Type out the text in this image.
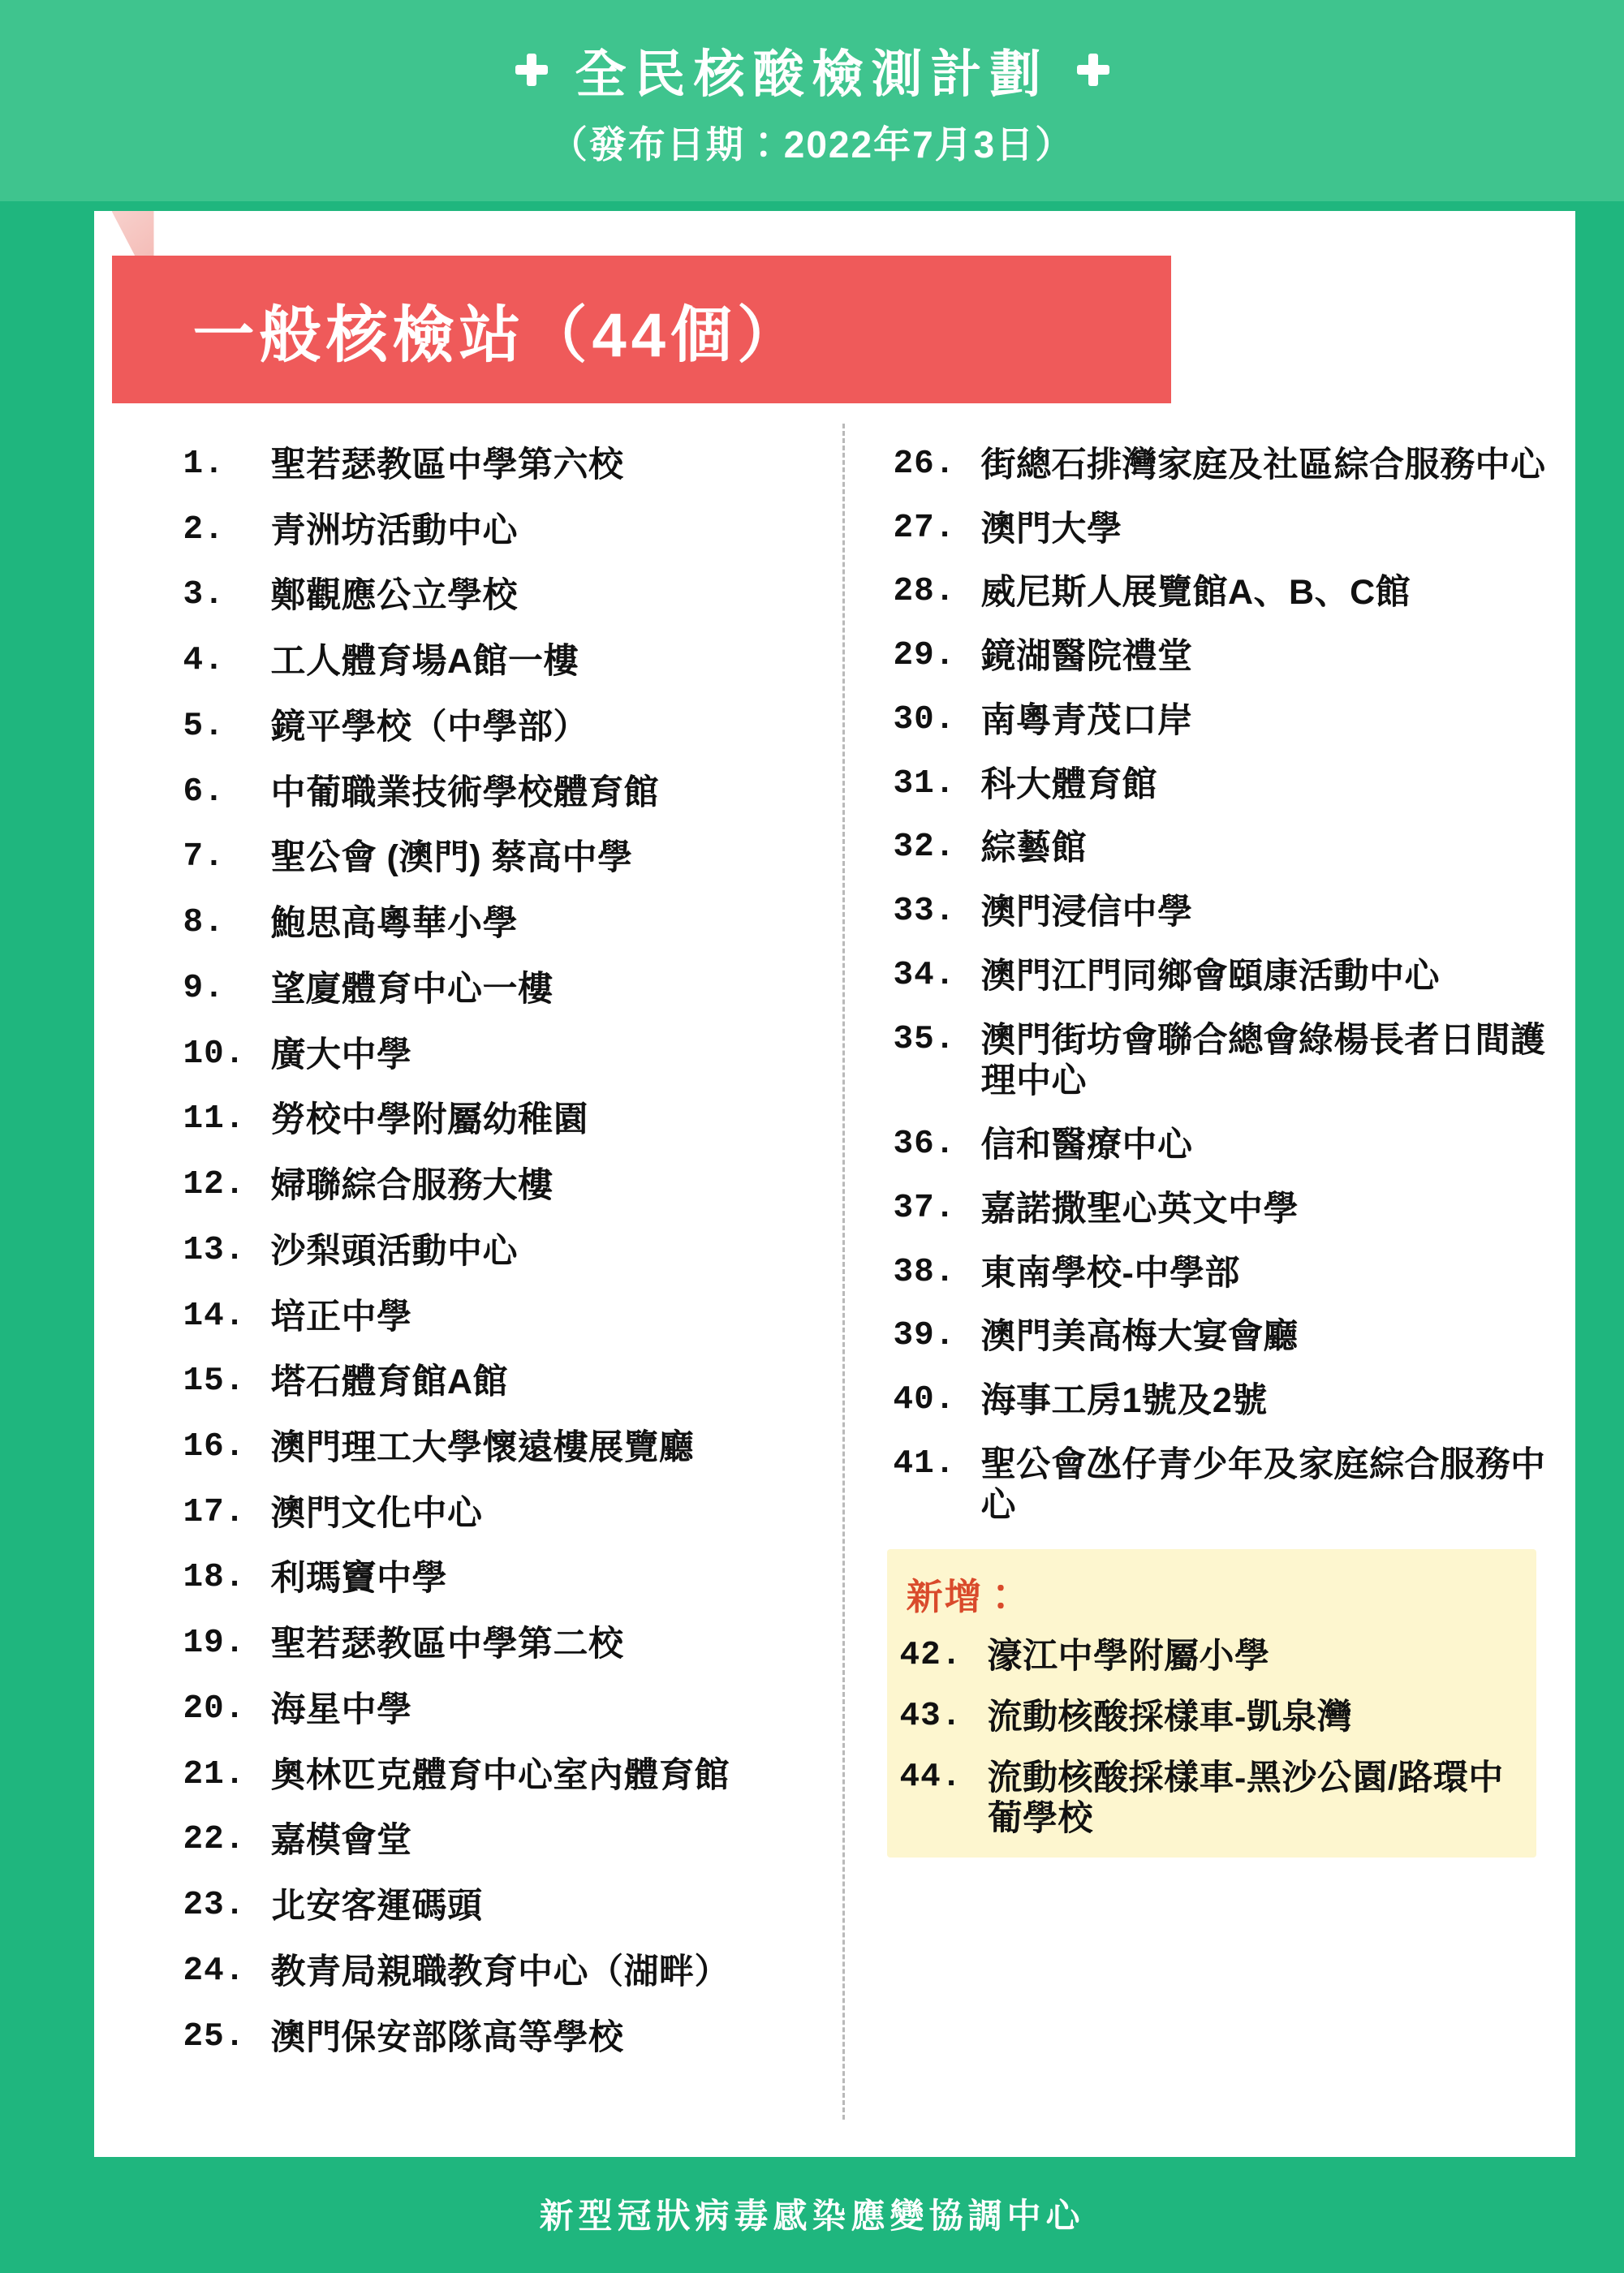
全民核酸檢測計劃
（發布日期：2022年7月3日）
一般核檢站（44個）
1.	聖若瑟教區中學第六校
2.	青洲坊活動中心
3.	鄭觀應公立學校
4.	工人體育場A館一樓
5.	鏡平學校（中學部）
6.	中葡職業技術學校體育館
7.	聖公會 (澳門) 蔡高中學
8.	鮑思高粵華小學
9.	望廈體育中心一樓
10. 廣大中學
11. 勞校中學附屬幼稚園
12. 婦聯綜合服務大樓
13. 沙梨頭活動中心
14. 培正中學
15. 塔石體育館A館
16. 澳門理工大學懷遠樓展覽廳
17. 澳門文化中心
18. 利瑪竇中學
19. 聖若瑟教區中學第二校
20. 海星中學
21. 奧林匹克體育中心室內體育館
22. 嘉模會堂
23. 北安客運碼頭
24. 教青局親職教育中心（湖畔）
25. 澳門保安部隊高等學校
26. 街總石排灣家庭及社區綜合服務中心
27. 澳門大學
28. 威尼斯人展覽館A、B、C館
29. 鏡湖醫院禮堂
30. 南粵青茂口岸
31. 科大體育館
32. 綜藝館
33. 澳門浸信中學
34. 澳門江門同鄉會頤康活動中心
35. 澳門街坊會聯合總會綠楊長者日間護理中心
36. 信和醫療中心
37. 嘉諾撒聖心英文中學
38. 東南學校-中學部
39. 澳門美高梅大宴會廳
40. 海事工房1號及2號
41. 聖公會氹仔青少年及家庭綜合服務中心
新增：
42. 濠江中學附屬小學
43. 流動核酸採樣車-凱泉灣
44. 流動核酸採樣車-黑沙公園/路環中葡學校
新型冠狀病毒感染應變協調中心
